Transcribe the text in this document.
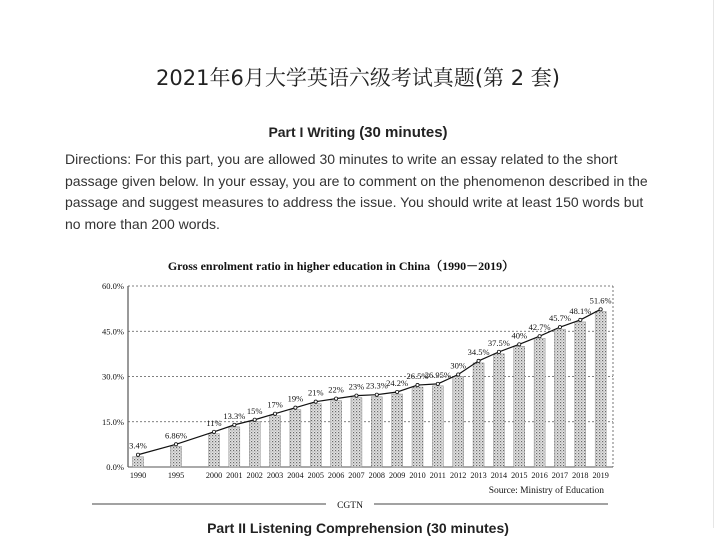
2021年6月大学英语六级考试真题(第 2 套)
Part I Writing (30 minutes)
Directions: For this part, you are allowed 30 minutes to write an essay related to the short passage given below. In your essay, you are to comment on the phenomenon described in the passage and suggest measures to address the issue. You should write at least 150 words but no more than 200 words.
Gross enrolment ratio in higher education in China（1990－2019）
0.0%
15.0%
30.0%
45.0%
60.0%
1990	1995	2000 2001 2002 2003 2004 2005 2006 2007 2008 2009 2010 2011 2012 2013 2014 2015 2016 2017 2018 2019
3.4%
6.86%
11%
13.3%
15%
17%
19%
21% 22% 23% 23.3%
24.2%
26.5%
26.95%
30%
34.5%
37.5%
40%
42.7%
45.7%
48.1%
51.6%
Source: Ministry of Education
CGTN
Part II Listening Comprehension (30 minutes)
